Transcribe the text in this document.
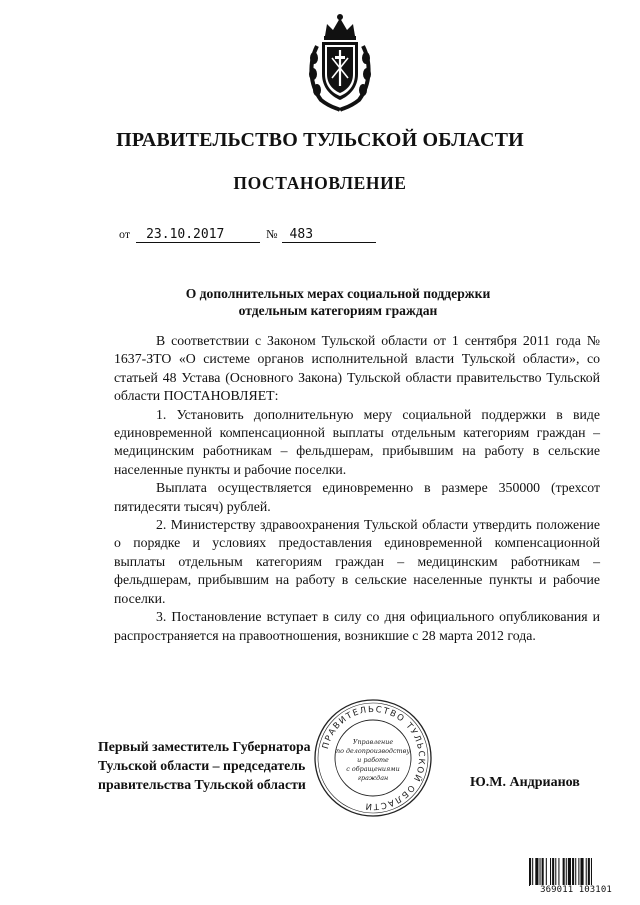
ПРАВИТЕЛЬСТВО ТУЛЬСКОЙ ОБЛАСТИ
ПОСТАНОВЛЕНИЕ
от	23.10.2017	№ 483
О дополнительных мерах социальной поддержки
отдельным категориям граждан

В соответствии с Законом Тульской области от 1 сентября 2011 года № 1637-ЗТО «О системе органов исполнительной власти Тульской области», со статьей 48 Устава (Основного Закона) Тульской области правительство Тульской области ПОСТАНОВЛЯЕТ:

1. Установить дополнительную меру социальной поддержки в виде единовременной компенсационной выплаты отдельным категориям граждан – медицинским работникам – фельдшерам, прибывшим на работу в сельские населенные пункты и рабочие поселки.

Выплата осуществляется единовременно в размере 350000 (трехсот пятидесяти тысяч) рублей.

2. Министерству здравоохранения Тульской области утвердить положение о порядке и условиях предоставления единовременной компенсационной выплаты отдельным категориям граждан – медицинским работникам – фельдшерам, прибывшим на работу в сельские населенные пункты и рабочие поселки.

3. Постановление вступает в силу со дня официального опубликования и распространяется на правоотношения, возникшие с 28 марта 2012 года.

Первый заместитель Губернатора
Тульской области – председатель
правительства Тульской области
ПРАВИТЕЛЬСТВО ТУЛЬСКОЙ ОБЛАСТИ
Управление
по делопроизводству
и работе
с обращениями
граждан	Ю.М. Андрианов
369011 103101
